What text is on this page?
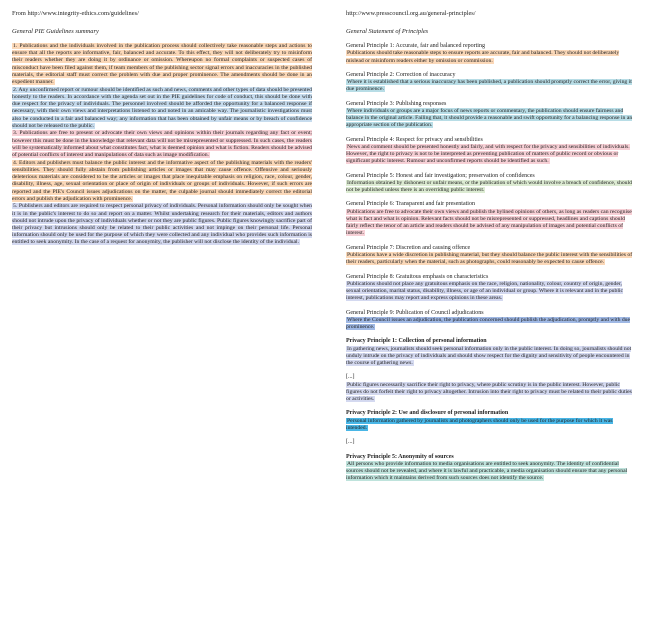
From http://www.integrity-ethics.com/guidelines/
General PIE Guidelines summary

1. Publications and the individuals involved in the publication process should collectively take reasonable steps and actions to ensure that all the reports are informative, fair, balanced and accurate. To this effect, they will not deliberately try to misinform their readers whether they are doing it by ordinance or omission. Whereupon no formal complaints or suspected cases of misconduct have been filed against them, if team members of the publishing sector signal errors and inaccuracies in the published materials, the editorial staff must correct the problem with due and proper prominence. The amendments should be done in an expedient manner.

2. Any unconfirmed report or rumour should be identified as such and news, comments and other types of data should be presented honestly to the readers. In accordance with the agenda set out in the PIE guidelines for code of conduct, this should be done with due respect for the privacy of individuals. The personnel involved should be afforded the opportunity for a balanced response if necessary, with their own views and interpretations listened to and noted in an amicable way. The journalistic investigations must also be conducted in a fair and balanced way; any information that has been obtained by unfair means or by breach of confidence should not be released to the public.

3. Publications are free to present or advocate their own views and opinions within their journals regarding any fact or event; however this must be done in the knowledge that relevant data will not be misrepresented or suppressed. In such cases, the readers will be systematically informed about what constitutes fact, what is deemed opinion and what is fiction. Readers should be advised of potential conflicts of interest and manipulations of data such as image modification.

4. Editors and publishers must balance the public interest and the informative aspect of the publishing materials with the readers' sensibilities. They should fully abstain from publishing articles or images that may cause offence. Offensive and seriously deleterious materials are considered to be the articles or images that place inequitable emphasis on religion, race, colour, gender, disability, illness, age, sexual orientation or place of origin of individuals or groups of individuals. However, if such errors are reported and the PIE's Council issues adjudications on the matter, the culpable journal should immediately correct the editorial errors and publish the adjudication with prominence.

5. Publishers and editors are required to respect personal privacy of individuals. Personal information should only be sought when it is in the public's interest to do so and report on a matter. Whilst undertaking research for their materials, editors and authors should not intrude upon the privacy of individuals whether or not they are public figures. Public figures knowingly sacrifice part of their privacy but intrusions should only be related to their public activities and not impinge on their personal life. Personal information should only be used for the purpose of which they were collected and any individual who provides such information is entitled to seek anonymity. In the case of a request for anonymity, the publisher will not disclose the identity of the individual.

http://www.presscouncil.org.au/general-principles/
General Statement of Principles

General Principle 1: Accurate, fair and balanced reporting

Publications should take reasonable steps to ensure reports are accurate, fair and balanced. They should not deliberately mislead or misinform readers either by omission or commission.

General Principle 2: Correction of inaccuracy

Where it is established that a serious inaccuracy has been published, a publication should promptly correct the error, giving it due prominence.

General Principle 3: Publishing responses

Where individuals or groups are a major focus of news reports or commentary, the publication should ensure fairness and balance in the original article. Failing that, it should provide a reasonable and swift opportunity for a balancing response in an appropriate section of the publication.

General Principle 4: Respect for privacy and sensibilities

News and comment should be presented honestly and fairly, and with respect for the privacy and sensibilities of individuals. However, the right to privacy is not to be interpreted as preventing publication of matters of public record or obvious or significant public interest. Rumour and unconfirmed reports should be identified as such.

General Principle 5: Honest and fair investigation; preservation of confidences

Information obtained by dishonest or unfair means, or the publication of which would involve a breach of confidence, should not be published unless there is an overriding public interest.

General Principle 6: Transparent and fair presentation

Publications are free to advocate their own views and publish the bylined opinions of others, as long as readers can recognise what is fact and what is opinion. Relevant facts should not be misrepresented or suppressed, headlines and captions should fairly reflect the tenor of an article and readers should be advised of any manipulation of images and potential conflicts of interest.

General Principle 7: Discretion and causing offence

Publications have a wide discretion in publishing material, but they should balance the public interest with the sensibilities of their readers, particularly when the material, such as photographs, could reasonably be expected to cause offence.

General Principle 8: Gratuitous emphasis on characteristics

Publications should not place any gratuitous emphasis on the race, religion, nationality, colour, country of origin, gender, sexual orientation, marital status, disability, illness, or age of an individual or group. Where it is relevant and in the public interest, publications may report and express opinions in these areas.

General Principle 9: Publication of Council adjudications

Where the Council issues an adjudication, the publication concerned should publish the adjudication, promptly and with due prominence.

Privacy Principle 1: Collection of personal information

In gathering news, journalists should seek personal information only in the public interest. In doing so, journalists should not unduly intrude on the privacy of individuals and should show respect for the dignity and sensitivity of people encountered in the course of gathering news.

[...]

Public figures necessarily sacrifice their right to privacy, where public scrutiny is in the public interest. However, public figures do not forfeit their right to privacy altogether. Intrusion into their right to privacy must be related to their public duties or activities.

Privacy Principle 2: Use and disclosure of personal information

Personal information gathered by journalists and photographers should only be used for the purpose for which it was intended.

[...]

Privacy Principle 5: Anonymity of sources

All persons who provide information to media organisations are entitled to seek anonymity. The identity of confidential sources should not be revealed, and where it is lawful and practicable, a media organisation should ensure that any personal information which it maintains derived from such sources does not identify the source.
